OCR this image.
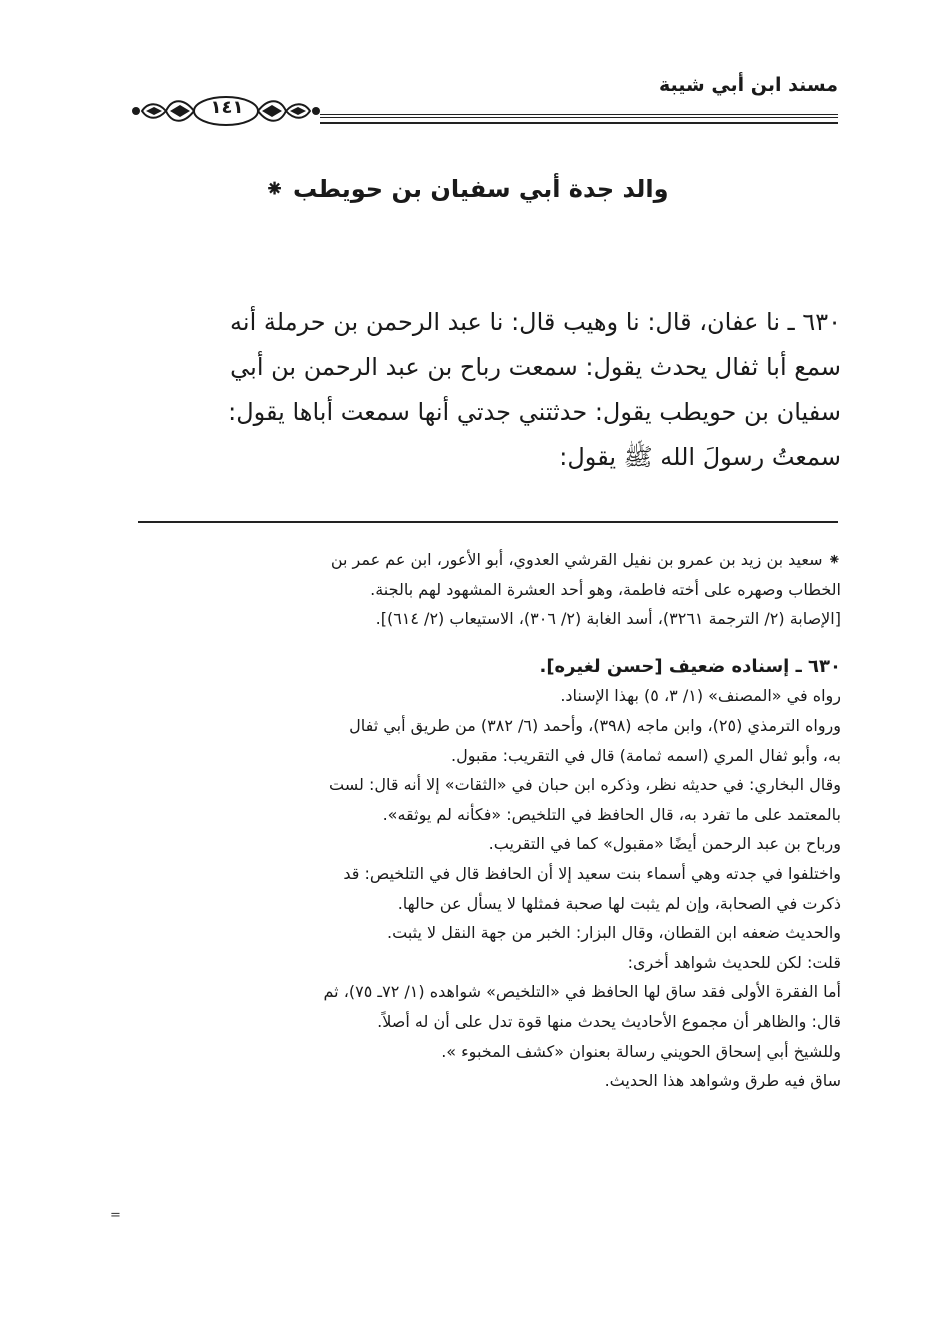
مسند ابن أبي شيبة
١٤١
والد جدة أبي سفيان بن حويطب ⁕
٦٣٠ ـ نا عفان، قال: نا وهيب قال: نا عبد الرحمن بن حرملة أنه
سمع أبا ثفال يحدث يقول: سمعت رباح بن عبد الرحمن بن أبي
سفيان بن حويطب يقول: حدثتني جدتي أنها سمعت أباها يقول:
سمعتُ رسولَ الله ﷺ يقول:

⁕ سعيد بن زيد بن عمرو بن نفيل القرشي العدوي، أبو الأعور، ابن عم عمر بن

الخطاب وصهره على أخته فاطمة، وهو أحد العشرة المشهود لهم بالجنة.

[الإصابة (٢/ الترجمة ٣٢٦١)، أسد الغابة (٢/ ٣٠٦)، الاستيعاب (٢/ ٦١٤)].

٦٣٠ ـ إسناده ضعيف [حسن لغيره].

رواه في «المصنف» (١/ ٣، ٥) بهذا الإسناد.

ورواه الترمذي (٢٥)، وابن ماجه (٣٩٨)، وأحمد (٦/ ٣٨٢) من طريق أبي ثفال

به، وأبو ثفال المري (اسمه ثمامة) قال في التقريب: مقبول.

وقال البخاري: في حديثه نظر، وذكره ابن حبان في «الثقات» إلا أنه قال: لست

بالمعتمد على ما تفرد به، قال الحافظ في التلخيص: «فكأنه لم يوثقه».

ورباح بن عبد الرحمن أيضًا «مقبول» كما في التقريب.

واختلفوا في جدته وهي أسماء بنت سعيد إلا أن الحافظ قال في التلخيص: قد

ذكرت في الصحابة، وإن لم يثبت لها صحبة فمثلها لا يسأل عن حالها.

والحديث ضعفه ابن القطان، وقال البزار: الخبر من جهة النقل لا يثبت.

قلت: لكن للحديث شواهد أخرى:

أما الفقرة الأولى فقد ساق لها الحافظ في «التلخيص» شواهده (١/ ٧٢ـ ٧٥)، ثم

قال: والظاهر أن مجموع الأحاديث يحدث منها قوة تدل على أن له أصلاً.

وللشيخ أبي إسحاق الحويني رسالة بعنوان «كشف المخبوء ».

ساق فيه طرق وشواهد هذا الحديث.

=
